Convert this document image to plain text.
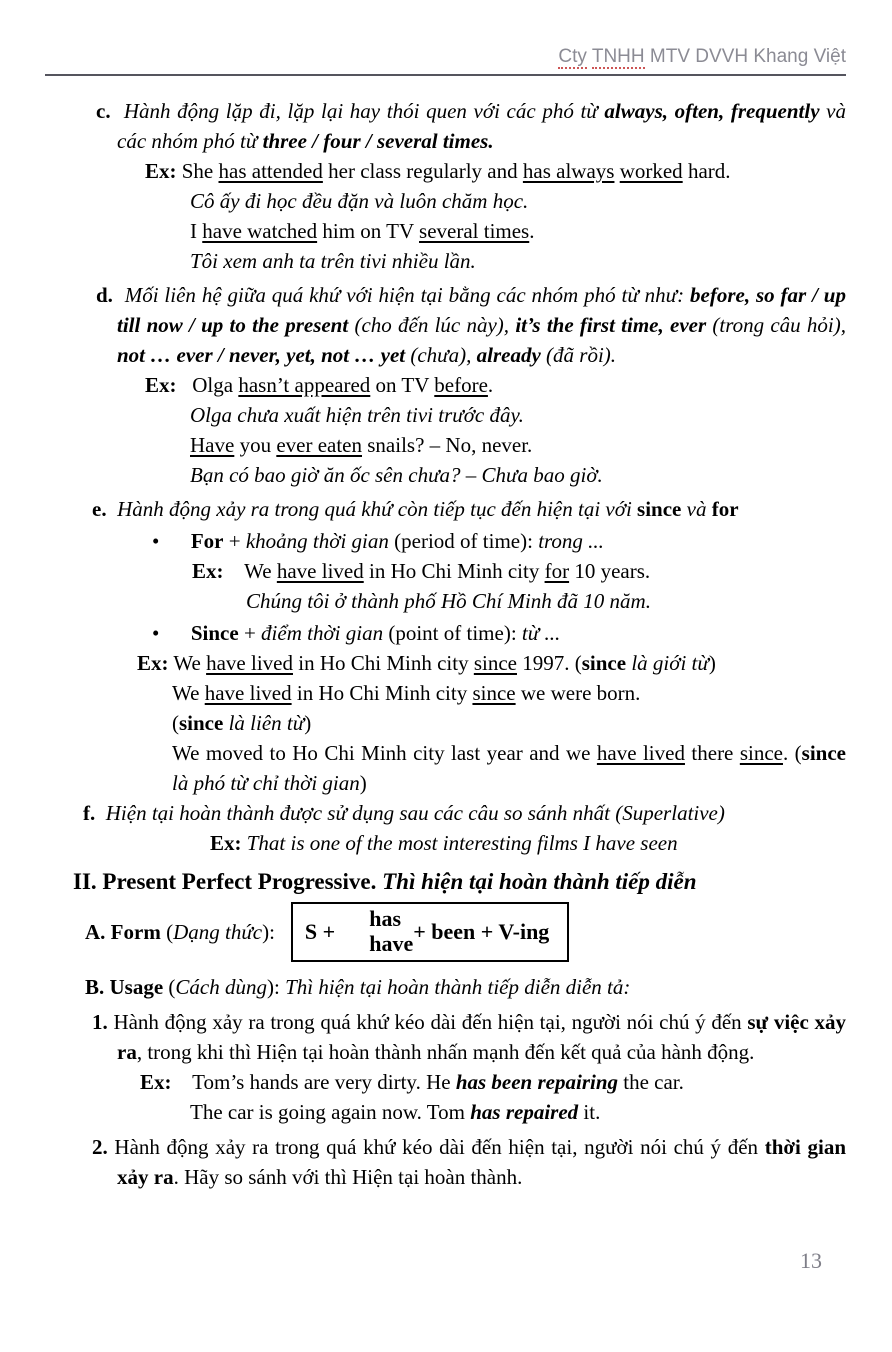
Cty TNHH MTV DVVH Khang Việt
c.  Hành động lặp đi, lặp lại hay thói quen với các phó từ always, often, frequently và các nhóm phó từ three / four / several times.
Ex: She has attended her class regularly and has always worked hard.
Cô ấy đi học đều đặn và luôn chăm học.
I have watched him on TV several times.
Tôi xem anh ta trên tivi nhiều lần.
d.  Mối liên hệ giữa quá khứ với hiện tại bằng các nhóm phó từ như: before, so far / up till now / up to the present (cho đến lúc này), it’s the first time, ever (trong câu hỏi), not … ever / never, yet, not … yet (chưa), already (đã rồi).
Ex:   Olga hasn’t appeared on TV before.
Olga chưa xuất hiện trên tivi trước đây.
Have you ever eaten snails? – No, never.
Bạn có bao giờ ăn ốc sên chưa? – Chưa bao giờ.
e.  Hành động xảy ra trong quá khứ còn tiếp tục đến hiện tại với since và for
•      For + khoảng thời gian (period of time): trong ...
Ex:    We have lived in Ho Chi Minh city for 10 years.
Chúng tôi ở thành phố Hồ Chí Minh đã 10 năm.
•      Since + điểm thời gian (point of time): từ ...
Ex: We have lived in Ho Chi Minh city since 1997. (since là giới từ)
We have lived in Ho Chi Minh city since we were born.
(since là liên từ)
We moved to Ho Chi Minh city last year and we have lived there since. (since là phó từ chỉ thời gian)
f.  Hiện tại hoàn thành được sử dụng sau các câu so sánh nhất (Superlative)
Ex: That is one of the most interesting films I have seen
II. Present Perfect Progressive. Thì hiện tại hoàn thành tiếp diễn
A. Form (Dạng thức): S + has
have + been + V-ing
B. Usage (Cách dùng): Thì hiện tại hoàn thành tiếp diễn diễn tả:
1. Hành động xảy ra trong quá khứ kéo dài đến hiện tại, người nói chú ý đến sự việc xảy ra, trong khi thì Hiện tại hoàn thành nhấn mạnh đến kết quả của hành động.
Ex:    Tom’s hands are very dirty. He has been repairing the car.
The car is going again now. Tom has repaired it.
2. Hành động xảy ra trong quá khứ kéo dài đến hiện tại, người nói chú ý đến thời gian xảy ra. Hãy so sánh với thì Hiện tại hoàn thành.
13
